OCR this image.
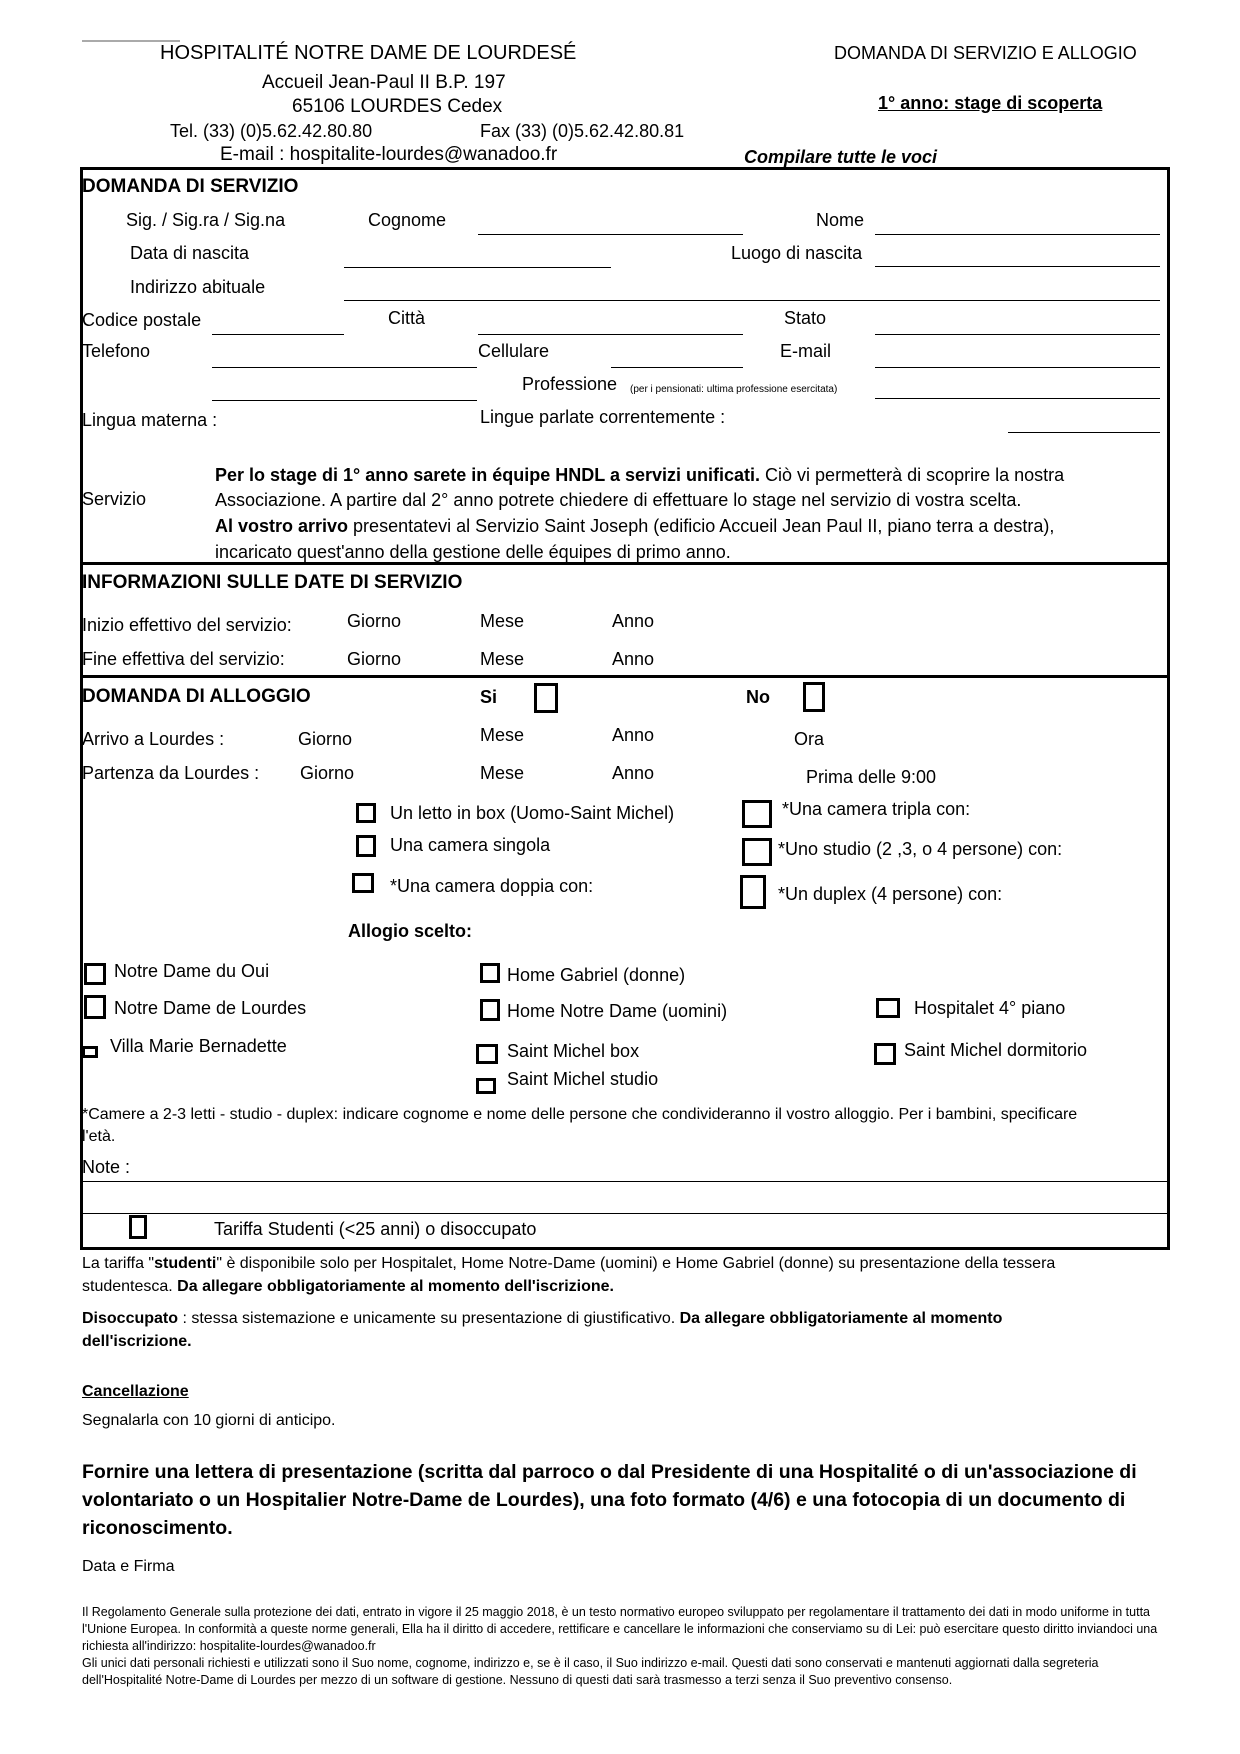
HOSPITALITÉ NOTRE DAME DE LOURDESÉ
Accueil Jean-Paul II B.P. 197
65106 LOURDES Cedex
Tel. (33) (0)5.62.42.80.80	Fax (33) (0)5.62.42.80.81
E-mail : hospitalite-lourdes@wanadoo.fr
DOMANDA DI SERVIZIO E ALLOGIO
1° anno: stage di scoperta
Compilare tutte le voci
DOMANDA DI SERVIZIO
Sig. / Sig.ra / Sig.na	Cognome	Nome
Data di nascita	Luogo di nascita
Indirizzo abituale
Codice postale	Città	Stato
Telefono	Cellulare	E-mail
Professione (per i pensionati: ultima professione esercitata)
Lingua materna :	Lingue parlate correntemente :
Servizio
Per lo stage di 1° anno sarete in équipe HNDL a servizi unificati. Ciò vi permetterà di scoprire la nostra
Associazione. A partire dal 2° anno potrete chiedere di effettuare lo stage nel servizio di vostra scelta.
Al vostro arrivo presentatevi al Servizio Saint Joseph (edificio Accueil Jean Paul II, piano terra a destra),
incaricato quest'anno della gestione delle équipes di primo anno.
INFORMAZIONI SULLE DATE DI SERVIZIO
Inizio effettivo del servizio:	Giorno	Mese	Anno
Fine effettiva del servizio:	Giorno	Mese	Anno
DOMANDA DI ALLOGGIO	Si	No
Arrivo a Lourdes :	Giorno	Mese	Anno	Ora
Partenza da Lourdes : Giorno	Mese	Anno	Prima delle 9:00
Un letto in box (Uomo-Saint Michel)
Una camera singola
*Una camera doppia con:
*Una camera tripla con:
*Uno studio (2 ,3, o 4 persone) con:
*Un duplex (4 persone) con:
Allogio scelto:
Notre Dame du Oui
Notre Dame de Lourdes
Villa Marie Bernadette
Home Gabriel (donne)
Home Notre Dame (uomini)
Saint Michel box
Saint Michel studio
Hospitalet 4° piano
Saint Michel dormitorio
*Camere a 2-3 letti - studio - duplex: indicare cognome e nome delle persone che condivideranno il vostro alloggio. Per i bambini, specificare
l'età.
Note :
Tariffa Studenti (<25 anni) o disoccupato
La tariffa "studenti" è disponibile solo per Hospitalet, Home Notre-Dame (uomini) e Home Gabriel (donne) su presentazione della tessera
studentesca. Da allegare obbligatoriamente al momento dell'iscrizione.
Disoccupato : stessa sistemazione e unicamente su presentazione di giustificativo. Da allegare obbligatoriamente al momento
dell'iscrizione.
Cancellazione
Segnalarla con 10 giorni di anticipo.
Fornire una lettera di presentazione (scritta dal parroco o dal Presidente di una Hospitalité o di un'associazione di volontariato o un Hospitalier Notre-Dame de Lourdes), una foto formato (4/6) e una fotocopia di un documento di riconoscimento.
Data e Firma
Il Regolamento Generale sulla protezione dei dati, entrato in vigore il 25 maggio 2018, è un testo normativo europeo sviluppato per regolamentare il trattamento dei dati in modo uniforme in tutta l'Unione Europea. In conformità a queste norme generali, Ella ha il diritto di accedere, rettificare e cancellare le informazioni che conserviamo su di Lei: può esercitare questo diritto inviandoci una richiesta all'indirizzo: hospitalite-lourdes@wanadoo.fr
Gli unici dati personali richiesti e utilizzati sono il Suo nome, cognome, indirizzo e, se è il caso, il Suo indirizzo e-mail. Questi dati sono conservati e mantenuti aggiornati dalla segreteria dell'Hospitalité Notre-Dame di Lourdes per mezzo di un software di gestione. Nessuno di questi dati sarà trasmesso a terzi senza il Suo preventivo consenso.
